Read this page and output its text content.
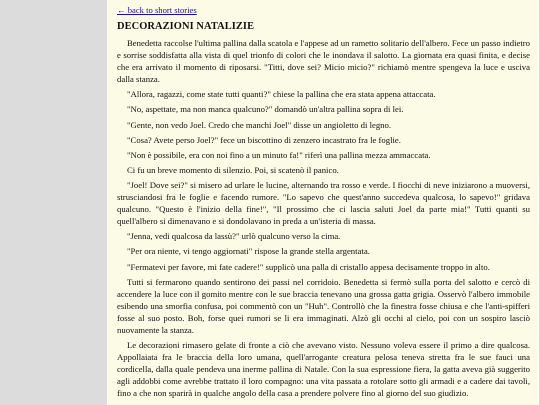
← back to short stories
DECORAZIONI NATALIZIE

Benedetta raccolse l'ultima pallina dalla scatola e l'appese ad un rametto solitario dell'albero. Fece un passo indietro e sorrise soddisfatta alla vista di quel trionfo di colori che le inondava il salotto. La giornata era quasi finita, e decise che era arrivato il momento di riposarsi. "Titti, dove sei? Micio micio?" richiamò mentre spengeva la luce e usciva dalla stanza.

"Allora, ragazzi, come state tutti quanti?" chiese la pallina che era stata appena attaccata.

"No, aspettate, ma non manca qualcuno?" domandò un'altra pallina sopra di lei.

"Gente, non vedo Joel. Credo che manchi Joel" disse un angioletto di legno.

"Cosa? Avete perso Joel?" fece un biscottino di zenzero incastrato fra le foglie.

"Non è possibile, era con noi fino a un minuto fa!" riferì una pallina mezza ammaccata.

Ci fu un breve momento di silenzio. Poi, si scatenò il panico.

"Joel! Dove sei?" si misero ad urlare le lucine, alternando tra rosso e verde. I fiocchi di neve iniziarono a muoversi, strusciandosi fra le foglie e facendo rumore. "Lo sapevo che quest'anno succedeva qualcosa, lo sapevo!" gridava qualcuno. "Questo è l'inizio della fine!", "Il prossimo che ci lascia saluti Joel da parte mia!" Tutti quanti su quell'albero si dimenavano e si dondolavano in preda a un'isteria di massa.

"Jenna, vedi qualcosa da lassù?" urlò qualcuno verso la cima.

"Per ora niente, vi tengo aggiornati" rispose la grande stella argentata.

"Fermatevi per favore, mi fate cadere!" supplicò una palla di cristallo appesa decisamente troppo in alto.

Tutti si fermarono quando sentirono dei passi nel corridoio. Benedetta si fermò sulla porta del salotto e cercò di accendere la luce con il gomito mentre con le sue braccia tenevano una grossa gatta grigia. Osservò l'albero immobile esibendo una smorfia confusa, poi commentò con un "Huh". Controllò che la finestra fosse chiusa e che l'anti-spifferi fosse al suo posto. Boh, forse quei rumori se li era immaginati. Alzò gli occhi al cielo, poi con un sospiro lasciò nuovamente la stanza.

Le decorazioni rimasero gelate di fronte a ciò che avevano visto. Nessuno voleva essere il primo a dire qualcosa. Appollaiata fra le braccia della loro umana, quell'arrogante creatura pelosa teneva stretta fra le sue fauci una cordicella, dalla quale pendeva una inerme pallina di Natale. Con la sua espressione fiera, la gatta aveva già suggerito agli addobbi come avrebbe trattato il loro compagno: una vita passata a rotolare sotto gli armadi e a cadere dai tavoli, fino a che non sparirà in qualche angolo della casa a prendere polvere fino al giorno del suo giudizio.
